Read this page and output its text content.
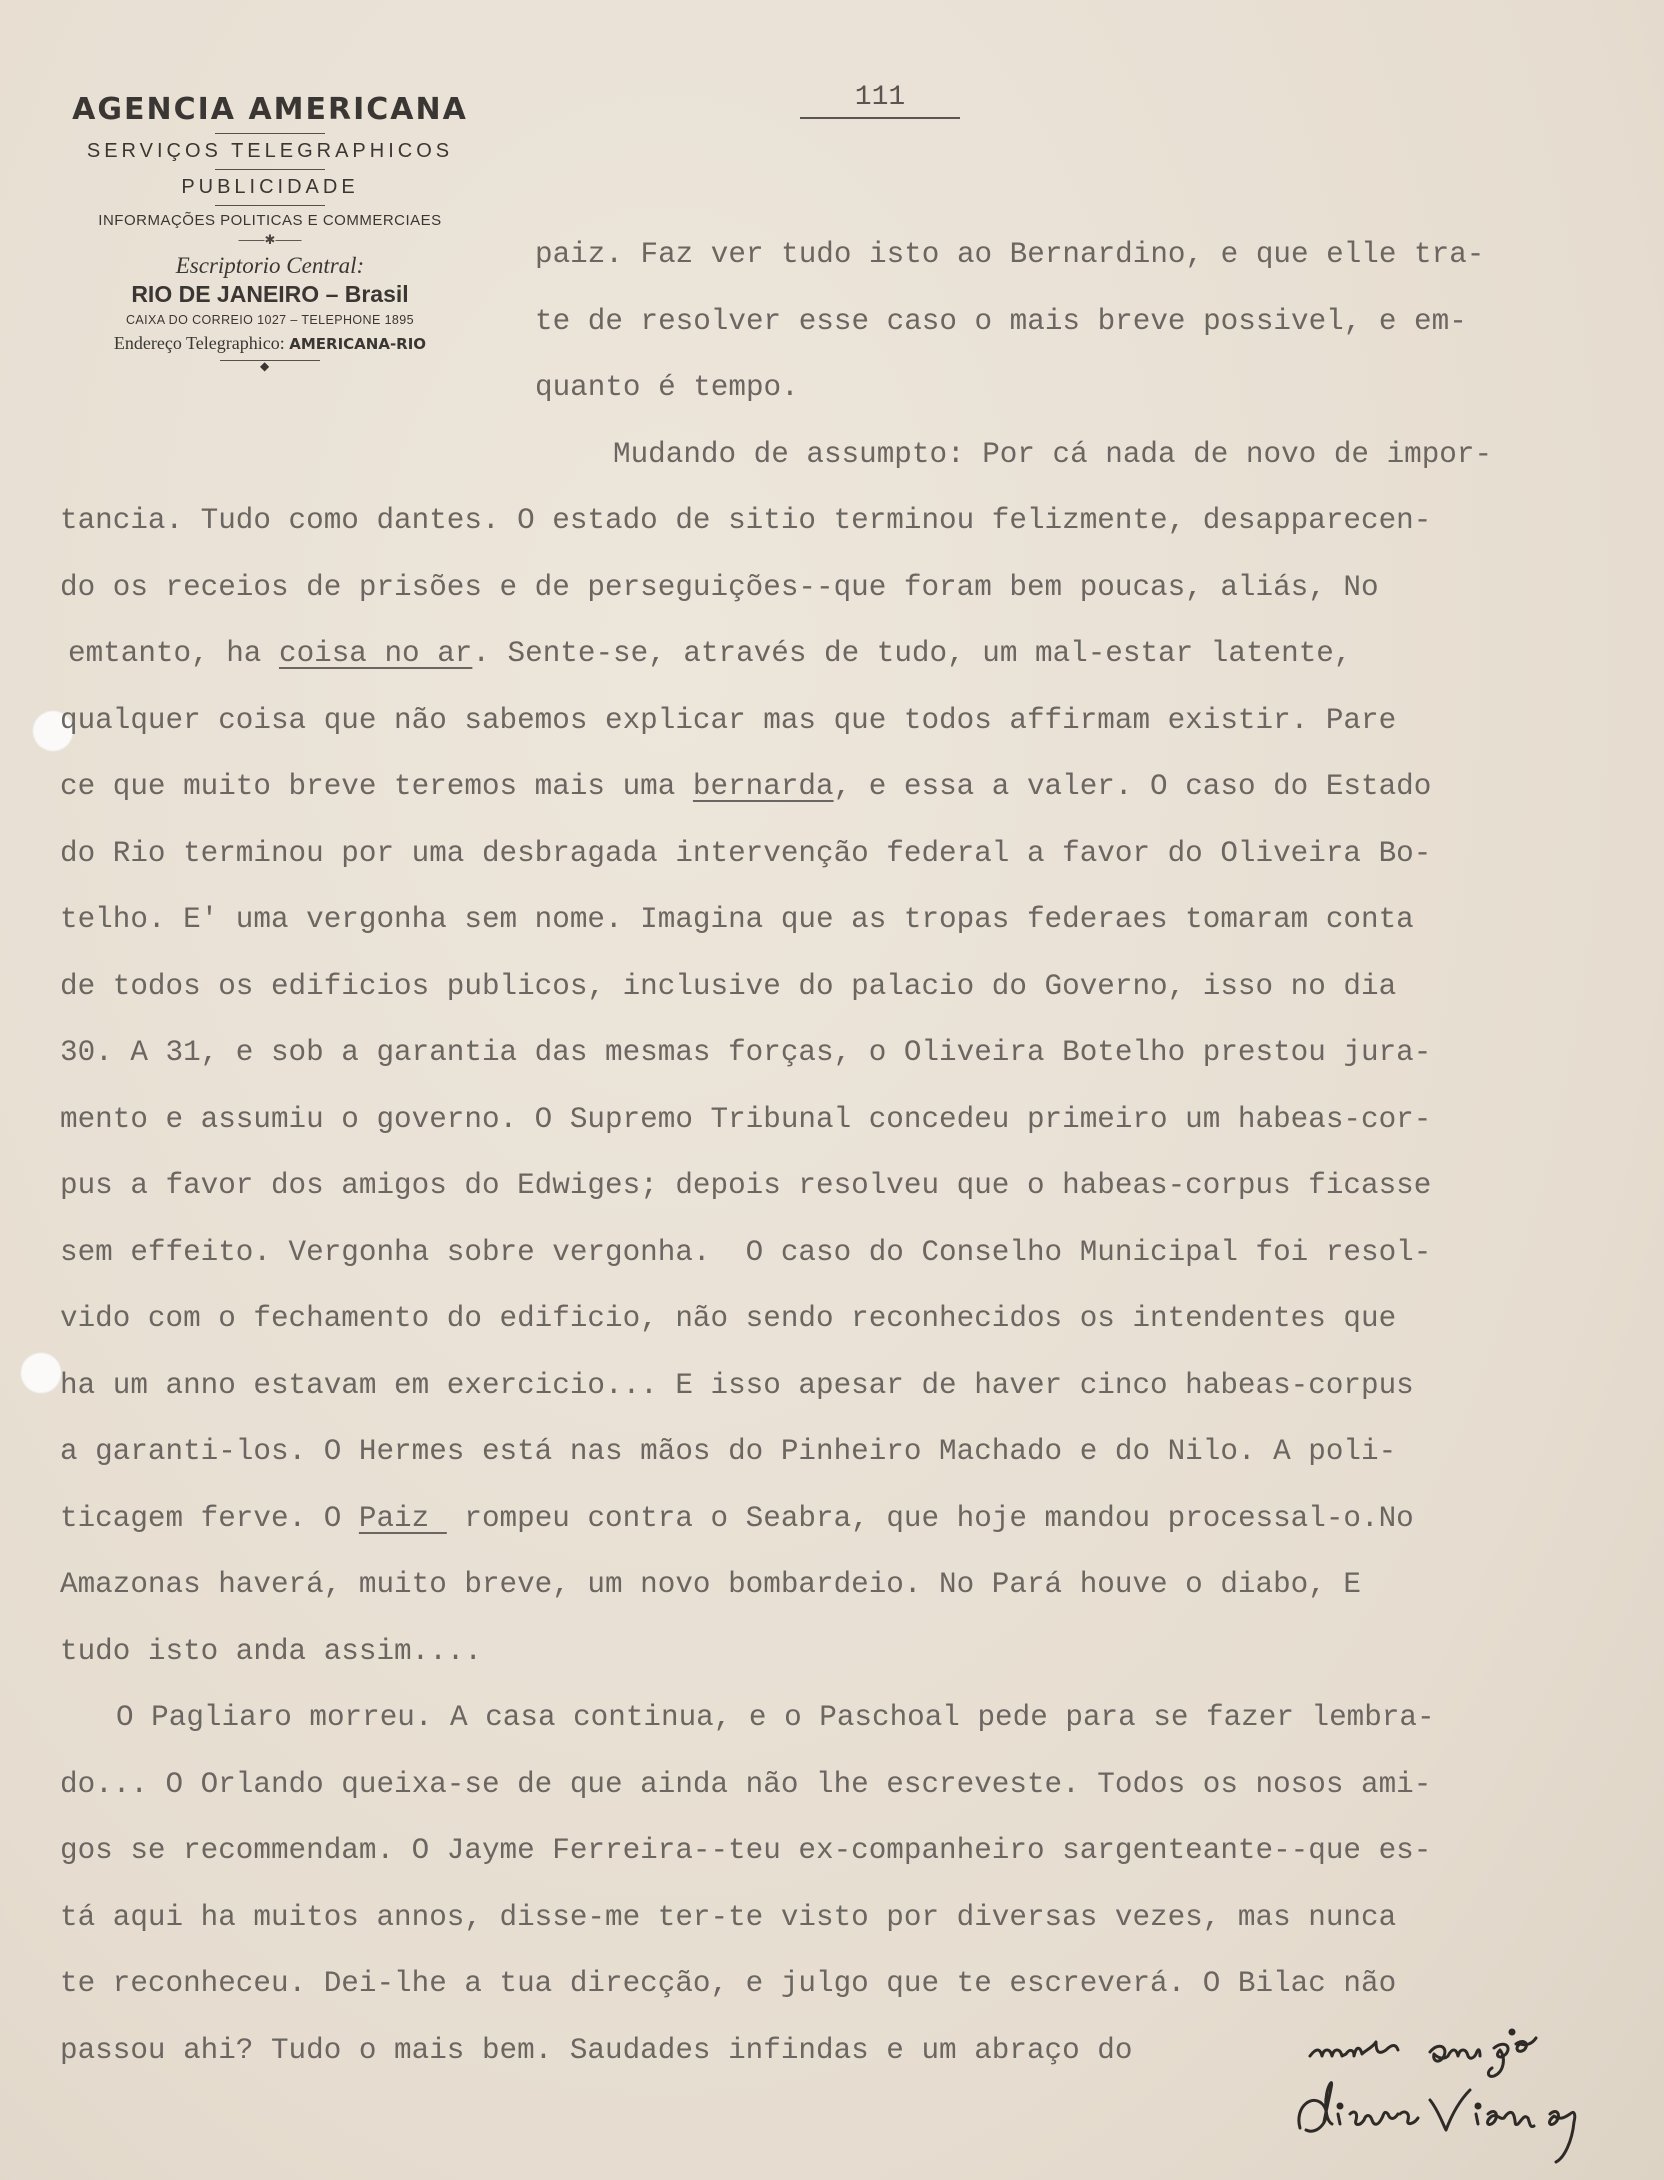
AGENCIA AMERICANA
SERVIÇOS TELEGRAPHICOS
PUBLICIDADE
INFORMAÇÕES POLITICAS E COMMERCIAES
——✱——
Escriptorio Central:
RIO DE JANEIRO – Brasil
CAIXA DO CORREIO 1027 – TELEPHONE 1895
Endereço Telegraphico: AMERICANA-RIO
◆
111
paiz. Faz ver tudo isto ao Bernardino, e que elle tra-
te de resolver esse caso o mais breve possivel, e em-
quanto é tempo.
Mudando de assumpto: Por cá nada de novo de impor-
tancia. Tudo como dantes. O estado de sitio terminou felizmente, desapparecen-
do os receios de prisões e de perseguições--que foram bem poucas, aliás, No
emtanto, ha coisa no ar. Sente-se, através de tudo, um mal-estar latente,
qualquer coisa que não sabemos explicar mas que todos affirmam existir. Pare
ce que muito breve teremos mais uma bernarda, e essa a valer. O caso do Estado
do Rio terminou por uma desbragada intervenção federal a favor do Oliveira Bo-
telho. E' uma vergonha sem nome. Imagina que as tropas federaes tomaram conta
de todos os edificios publicos, inclusive do palacio do Governo, isso no dia
30. A 31, e sob a garantia das mesmas forças, o Oliveira Botelho prestou jura-
mento e assumiu o governo. O Supremo Tribunal concedeu primeiro um habeas-cor-
pus a favor dos amigos do Edwiges; depois resolveu que o habeas-corpus ficasse
sem effeito. Vergonha sobre vergonha.  O caso do Conselho Municipal foi resol-
vido com o fechamento do edificio, não sendo reconhecidos os intendentes que
ha um anno estavam em exercicio... E isso apesar de haver cinco habeas-corpus
a garanti-los. O Hermes está nas mãos do Pinheiro Machado e do Nilo. A poli-
ticagem ferve. O Paiz  rompeu contra o Seabra, que hoje mandou processal-o.No
Amazonas haverá, muito breve, um novo bombardeio. No Pará houve o diabo, E
tudo isto anda assim....
O Pagliaro morreu. A casa continua, e o Paschoal pede para se fazer lembra-
do... O Orlando queixa-se de que ainda não lhe escreveste. Todos os nosos ami-
gos se recommendam. O Jayme Ferreira--teu ex-companheiro sargenteante--que es-
tá aqui ha muitos annos, disse-me ter-te visto por diversas vezes, mas nunca
te reconheceu. Dei-lhe a tua direcção, e julgo que te escreverá. O Bilac não
passou ahi? Tudo o mais bem. Saudades infindas e um abraço do
